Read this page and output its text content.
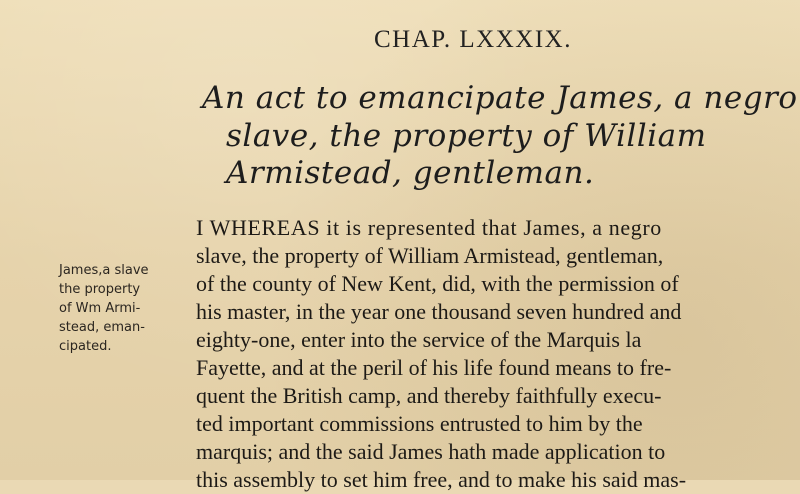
CHAP. LXXXIX.
An act to emancipate James, a negro
slave, the property of William
Armistead, gentleman.
James,a slave
the property
of Wm Armi-
stead, eman-
cipated.
I WHEREAS it is represented that James, a negro
slave, the property of William Armistead, gentleman,
of the county of New Kent, did, with the permission of
his master, in the year one thousand seven hundred and
eighty-one, enter into the service of the Marquis la
Fayette, and at the peril of his life found means to fre-
quent the British camp, and thereby faithfully execu-
ted important commissions entrusted to him by the
marquis; and the said James hath made application to
this assembly to set him free, and to make his said mas-
